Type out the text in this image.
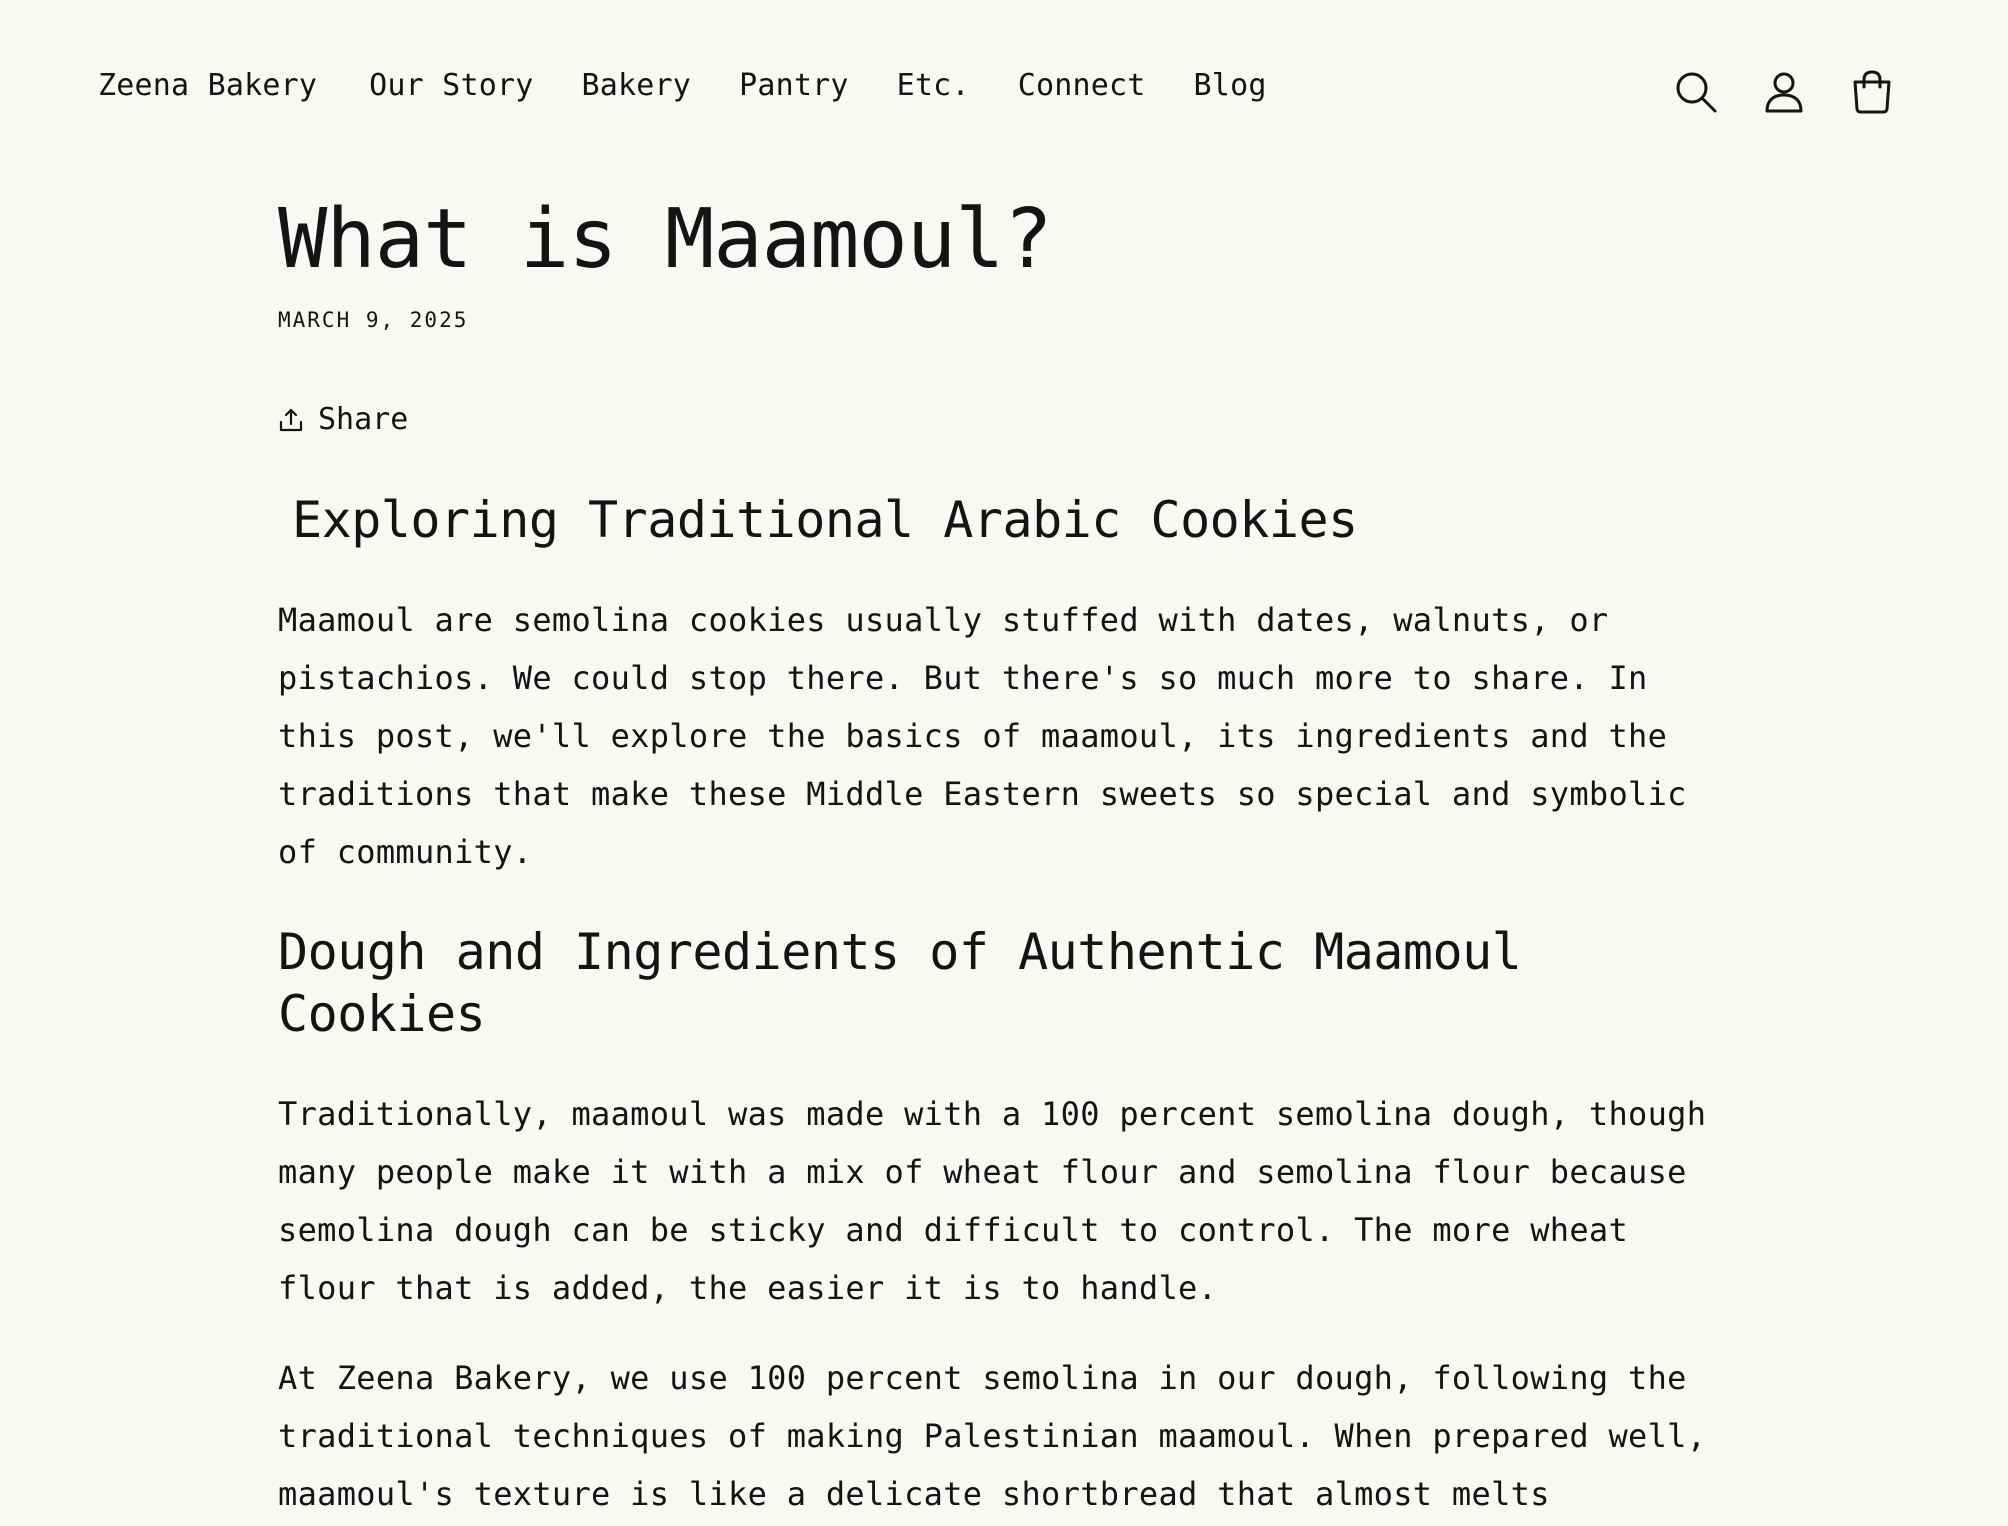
Zeena Bakery Our Story Bakery Pantry Etc. Connect Blog
What is Maamoul?
MARCH 9, 2025
Share
Exploring Traditional Arabic Cookies

Maamoul are semolina cookies usually stuffed with dates, walnuts, or pistachios. We could stop there. But there's so much more to share. In this post, we'll explore the basics of maamoul, its ingredients and the traditions that make these Middle Eastern sweets so special and symbolic of community.

Dough and Ingredients of Authentic Maamoul Cookies

Traditionally, maamoul was made with a 100 percent semolina dough, though many people make it with a mix of wheat flour and semolina flour because semolina dough can be sticky and difficult to control. The more wheat flour that is added, the easier it is to handle.

At Zeena Bakery, we use 100 percent semolina in our dough, following the traditional techniques of making Palestinian maamoul. When prepared well, maamoul's texture is like a delicate shortbread that almost melts
